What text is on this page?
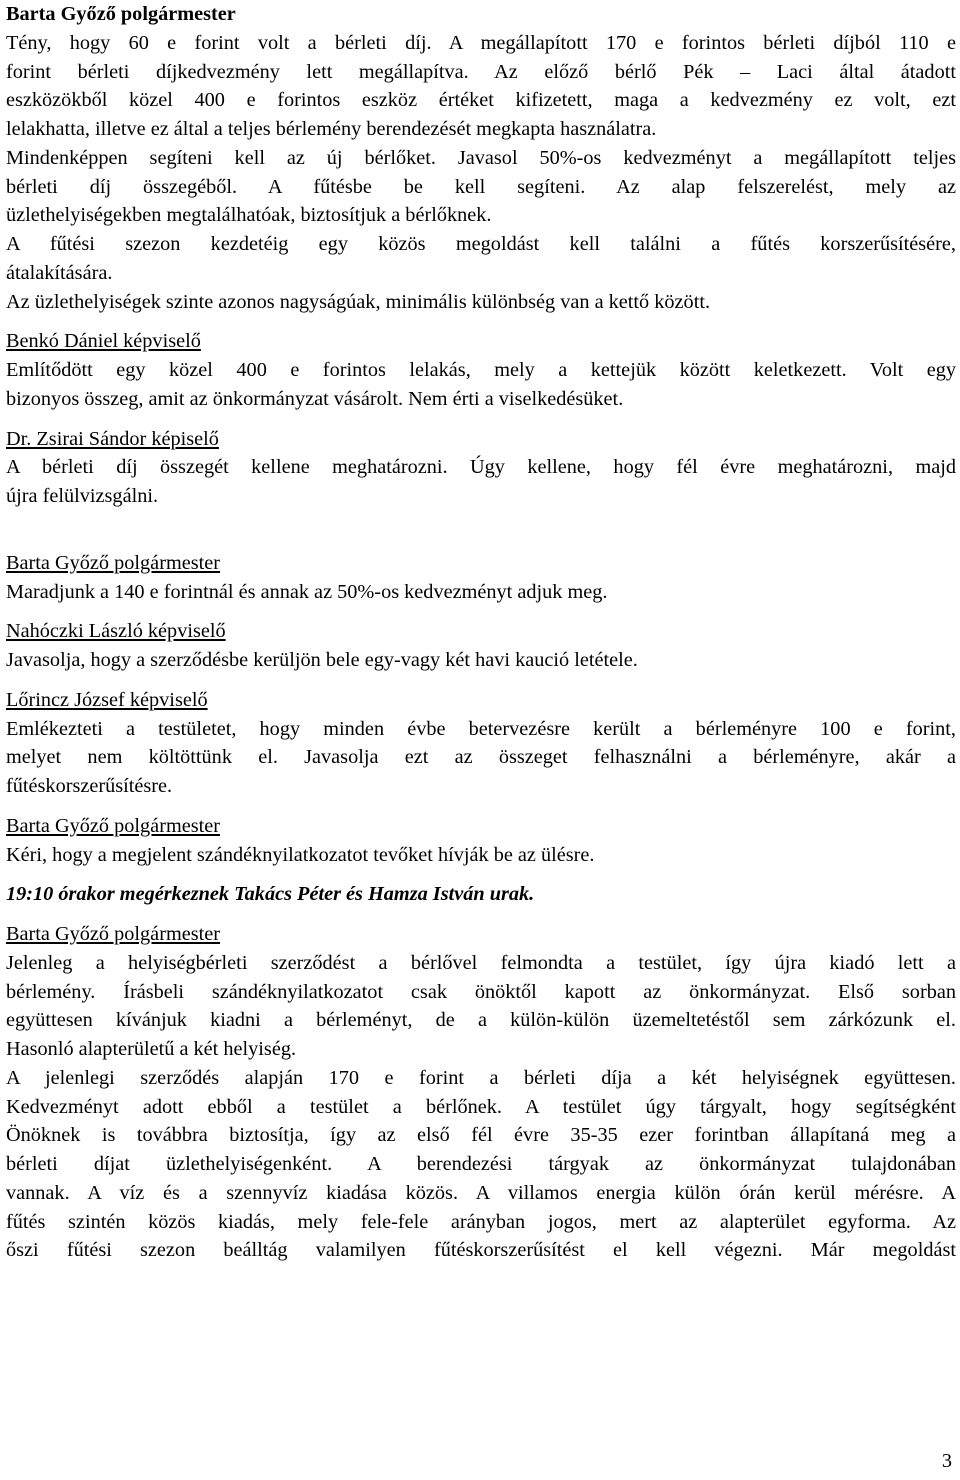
Barta Győző polgármester
Tény, hogy 60 e forint volt a bérleti díj. A megállapított 170 e forintos bérleti díjból 110 e
forint bérleti díjkedvezmény lett megállapítva. Az előző bérlő Pék – Laci által átadott
eszközökből közel 400 e forintos eszköz értéket kifizetett, maga a kedvezmény ez volt, ezt
lelakhatta, illetve ez által a teljes bérlemény berendezését megkapta használatra.
Mindenképpen segíteni kell az új bérlőket. Javasol 50%-os kedvezményt a megállapított teljes
bérleti díj összegéből. A fűtésbe be kell segíteni. Az alap felszerelést, mely az
üzlethelyiségekben megtalálhatóak, biztosítjuk a bérlőknek.
A fűtési szezon kezdetéig egy közös megoldást kell találni a fűtés korszerűsítésére,
átalakítására.
Az üzlethelyiségek szinte azonos nagyságúak, minimális különbség van a kettő között.
Benkó Dániel képviselő
Említődött egy közel 400 e forintos lelakás, mely a kettejük között keletkezett. Volt egy
bizonyos összeg, amit az önkormányzat vásárolt. Nem érti a viselkedésüket.
Dr. Zsirai Sándor képiselő
A bérleti díj összegét kellene meghatározni. Úgy kellene, hogy fél évre meghatározni, majd
újra felülvizsgálni.
Barta Győző polgármester
Maradjunk a 140 e forintnál és annak az 50%-os kedvezményt adjuk meg.
Nahóczki László képviselő
Javasolja, hogy a szerződésbe kerüljön bele egy-vagy két havi kaució letétele.
Lőrincz József képviselő
Emlékezteti a testületet, hogy minden évbe betervezésre került a bérleményre 100 e forint,
melyet nem költöttünk el. Javasolja ezt az összeget felhasználni a bérleményre, akár a
fűtéskorszerűsítésre.
Barta Győző polgármester
Kéri, hogy a megjelent szándéknyilatkozatot tevőket hívják be az ülésre.
19:10 órakor megérkeznek Takács Péter és Hamza István urak.
Barta Győző polgármester
Jelenleg a helyiségbérleti szerződést a bérlővel felmondta a testület, így újra kiadó lett a
bérlemény. Írásbeli szándéknyilatkozatot csak önöktől kapott az önkormányzat. Első sorban
együttesen kívánjuk kiadni a bérleményt, de a külön-külön üzemeltetéstől sem zárkózunk el.
Hasonló alapterületű a két helyiség.
A jelenlegi szerződés alapján 170 e forint a bérleti díja a két helyiségnek együttesen.
Kedvezményt adott ebből a testület a bérlőnek. A testület úgy tárgyalt, hogy segítségként
Önöknek is továbbra biztosítja, így az első fél évre 35-35 ezer forintban állapítaná meg a
bérleti díjat üzlethelyiségenként. A berendezési tárgyak az önkormányzat tulajdonában
vannak. A víz és a szennyvíz kiadása közös. A villamos energia külön órán kerül mérésre. A
fűtés szintén közös kiadás, mely fele-fele arányban jogos, mert az alapterület egyforma. Az
őszi fűtési szezon beálltág valamilyen fűtéskorszerűsítést el kell végezni. Már megoldást
3
